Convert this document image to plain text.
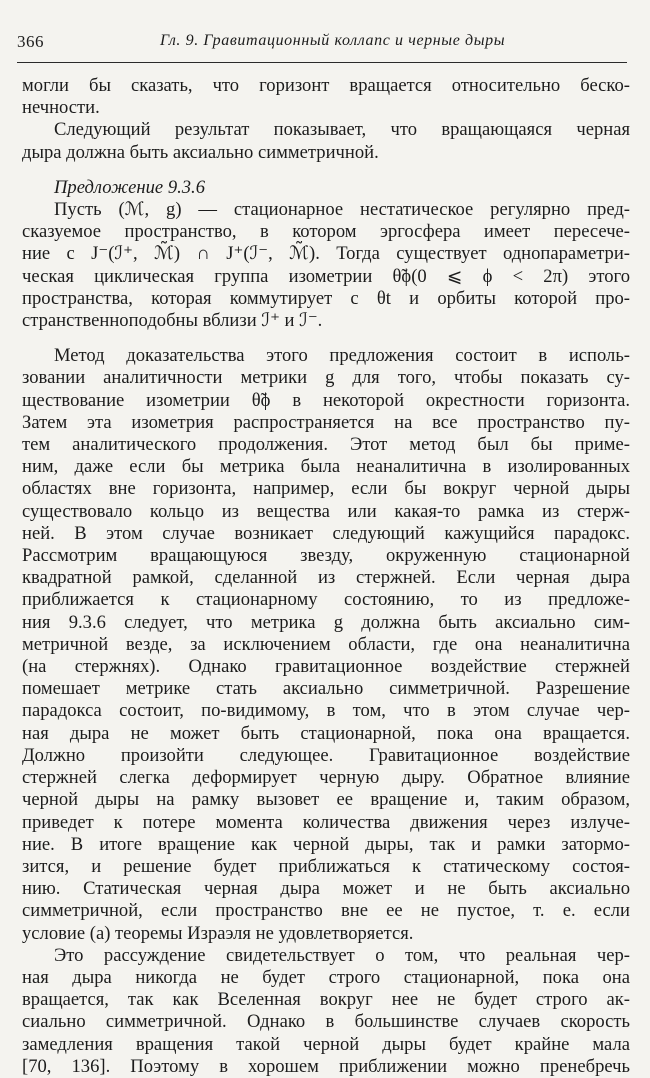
366	Гл. 9. Гравитационный коллапс и черные дыры

могли бы сказать, что горизонт вращается относительно беско-

нечности.

Следующий результат показывает, что вращающаяся черная

дыра должна быть аксиально симметричной.

Предложение 9.3.6

Пусть (ℳ, g) — стационарное нестатическое регулярно пред-

сказуемое пространство, в котором эргосфера имеет пересече-

ние с J⁻(ℐ⁺, ℳ̃) ∩ J⁺(ℐ⁻, ℳ̃). Тогда существует однопараметри-

ческая циклическая группа изометрии θ̃ϕ(0 ⩽ ϕ < 2π) этого

пространства, которая коммутирует с θt и орбиты которой про-

странственноподобны вблизи ℐ⁺ и ℐ⁻.

Метод доказательства этого предложения состоит в исполь-

зовании аналитичности метрики g для того, чтобы показать су-

ществование изометрии θ̃ϕ в некоторой окрестности горизонта.

Затем эта изометрия распространяется на все пространство пу-

тем аналитического продолжения. Этот метод был бы приме-

ним, даже если бы метрика была неаналитична в изолированных

областях вне горизонта, например, если бы вокруг черной дыры

существовало кольцо из вещества или какая-то рамка из стерж-

ней. В этом случае возникает следующий кажущийся парадокс.

Рассмотрим вращающуюся звезду, окруженную стационарной

квадратной рамкой, сделанной из стержней. Если черная дыра

приближается к стационарному состоянию, то из предложе-

ния 9.3.6 следует, что метрика g должна быть аксиально сим-

метричной везде, за исключением области, где она неаналитична

(на стержнях). Однако гравитационное воздействие стержней

помешает метрике стать аксиально симметричной. Разрешение

парадокса состоит, по-видимому, в том, что в этом случае чер-

ная дыра не может быть стационарной, пока она вращается.

Должно произойти следующее. Гравитационное воздействие

стержней слегка деформирует черную дыру. Обратное влияние

черной дыры на рамку вызовет ее вращение и, таким образом,

приведет к потере момента количества движения через излуче-

ние. В итоге вращение как черной дыры, так и рамки затормо-

зится, и решение будет приближаться к статическому состоя-

нию. Статическая черная дыра может и не быть аксиально

симметричной, если пространство вне ее не пустое, т. е. если

условие (a) теоремы Израэля не удовлетворяется.

Это рассуждение свидетельствует о том, что реальная чер-

ная дыра никогда не будет строго стационарной, пока она

вращается, так как Вселенная вокруг нее не будет строго ак-

сиально симметричной. Однако в большинстве случаев скорость

замедления вращения такой черной дыры будет крайне мала

[70, 136]. Поэтому в хорошем приближении можно пренебречь
